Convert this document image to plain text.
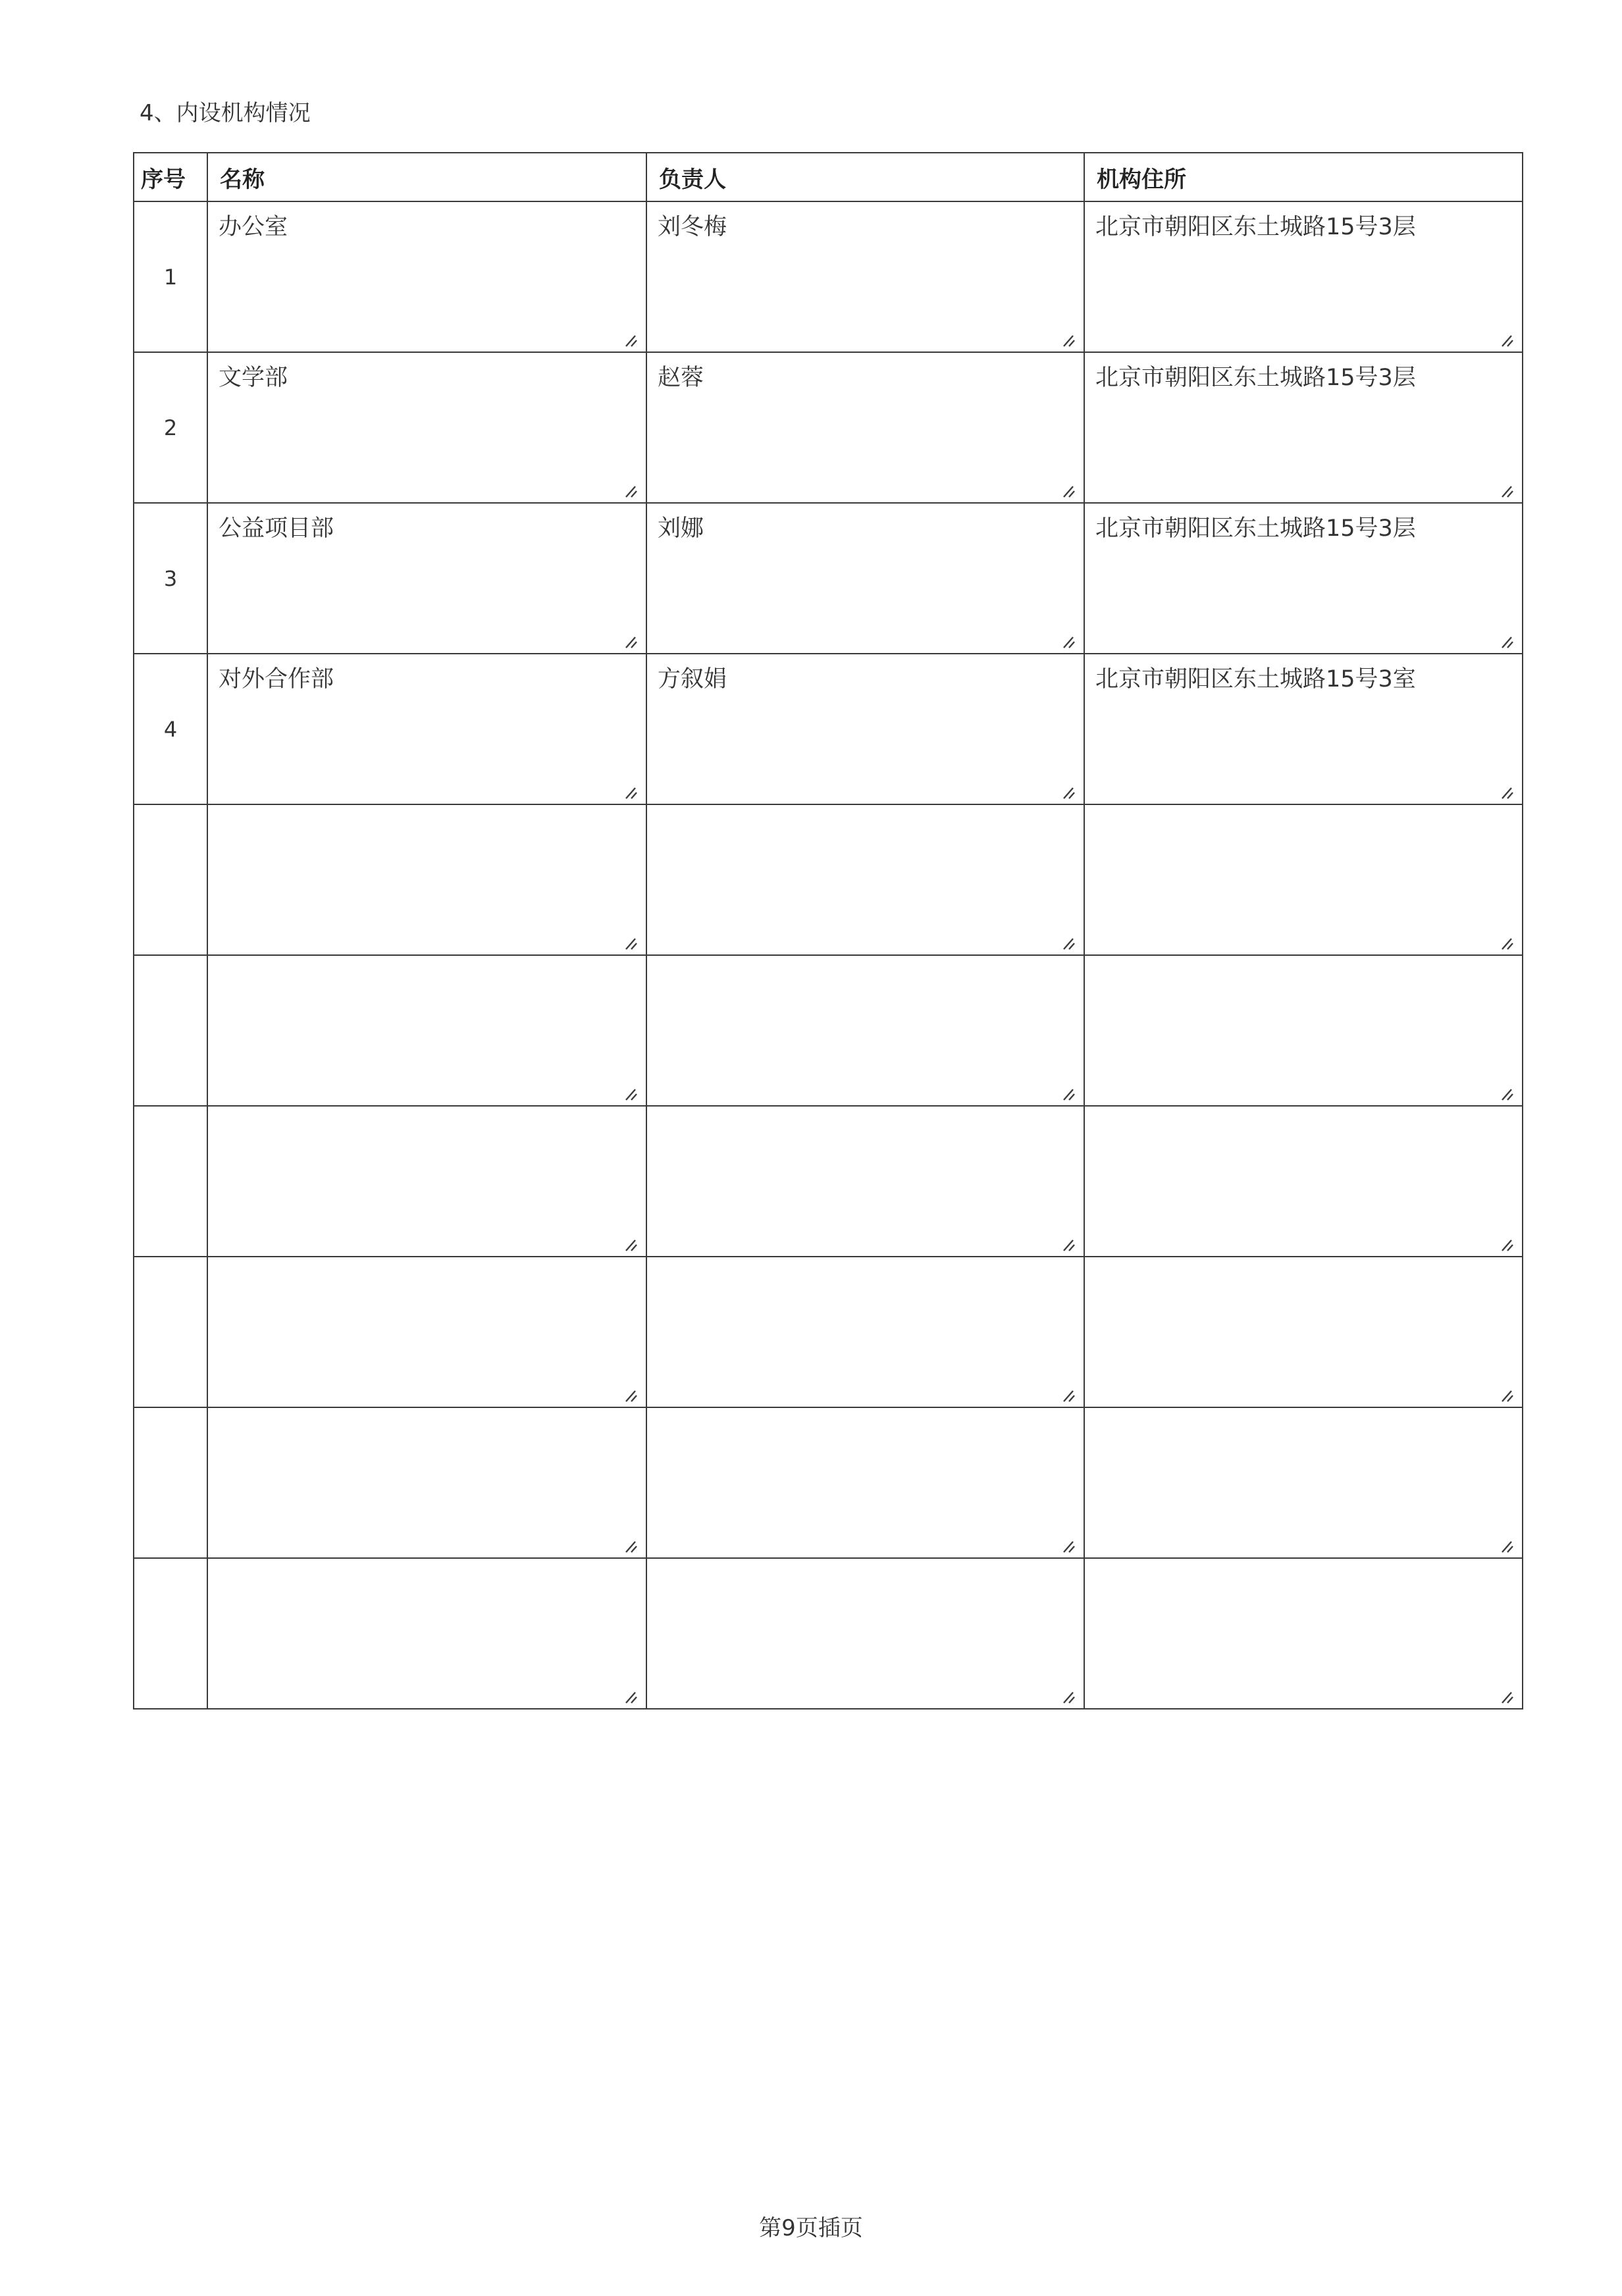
4、内设机构情况
序号	名称	负责人	机构住所

1	办公室	刘冬梅	北京市朝阳区东土城路15号3层

2	文学部	赵蓉	北京市朝阳区东土城路15号3层

3	公益项目部	刘娜	北京市朝阳区东土城路15号3层

4	对外合作部	方叙娟	北京市朝阳区东土城路15号3室

第9页插页
